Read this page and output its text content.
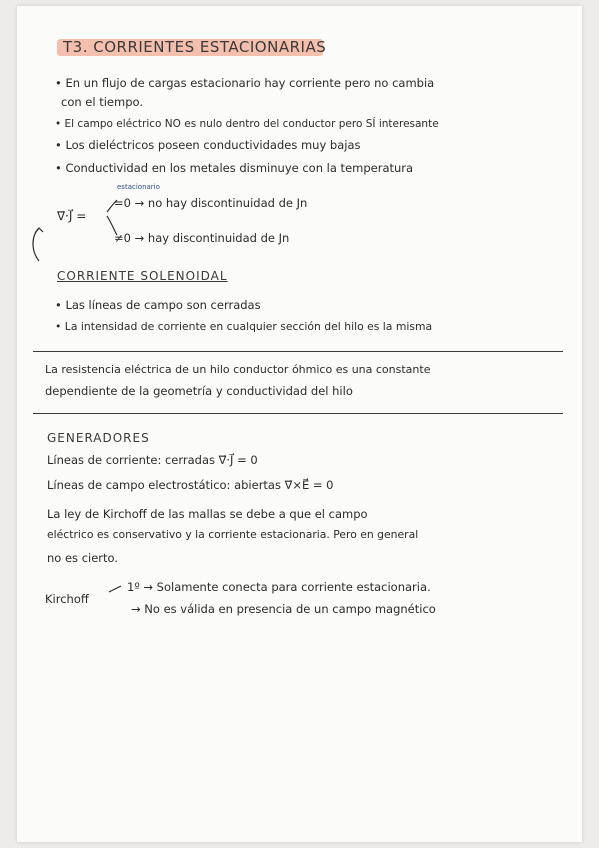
T3. CORRIENTES ESTACIONARIAS
• En un flujo de cargas estacionario hay corriente pero no cambia
con el tiempo.
• El campo eléctrico NO es nulo dentro del conductor pero SÍ interesante
• Los dieléctricos poseen conductividades muy bajas
• Conductividad en los metales disminuye con la temperatura
estacionario
∇⃗·J⃗ =
=0 → no hay discontinuidad de Jn
≠0 → hay discontinuidad de Jn
CORRIENTE SOLENOIDAL
• Las líneas de campo son cerradas
• La intensidad de corriente en cualquier sección del hilo es la misma
La resistencia eléctrica de un hilo conductor óhmico es una constante
dependiente de la geometría y conductividad del hilo
GENERADORES
Líneas de corriente: cerradas ∇⃗·J⃗ = 0
Líneas de campo electrostático: abiertas ∇⃗×E⃗ = 0
La ley de Kirchoff de las mallas se debe a que el campo
eléctrico es conservativo y la corriente estacionaria. Pero en general
no es cierto.
Kirchoff
1º → Solamente conecta para corriente estacionaria.
→ No es válida en presencia de un campo magnético
